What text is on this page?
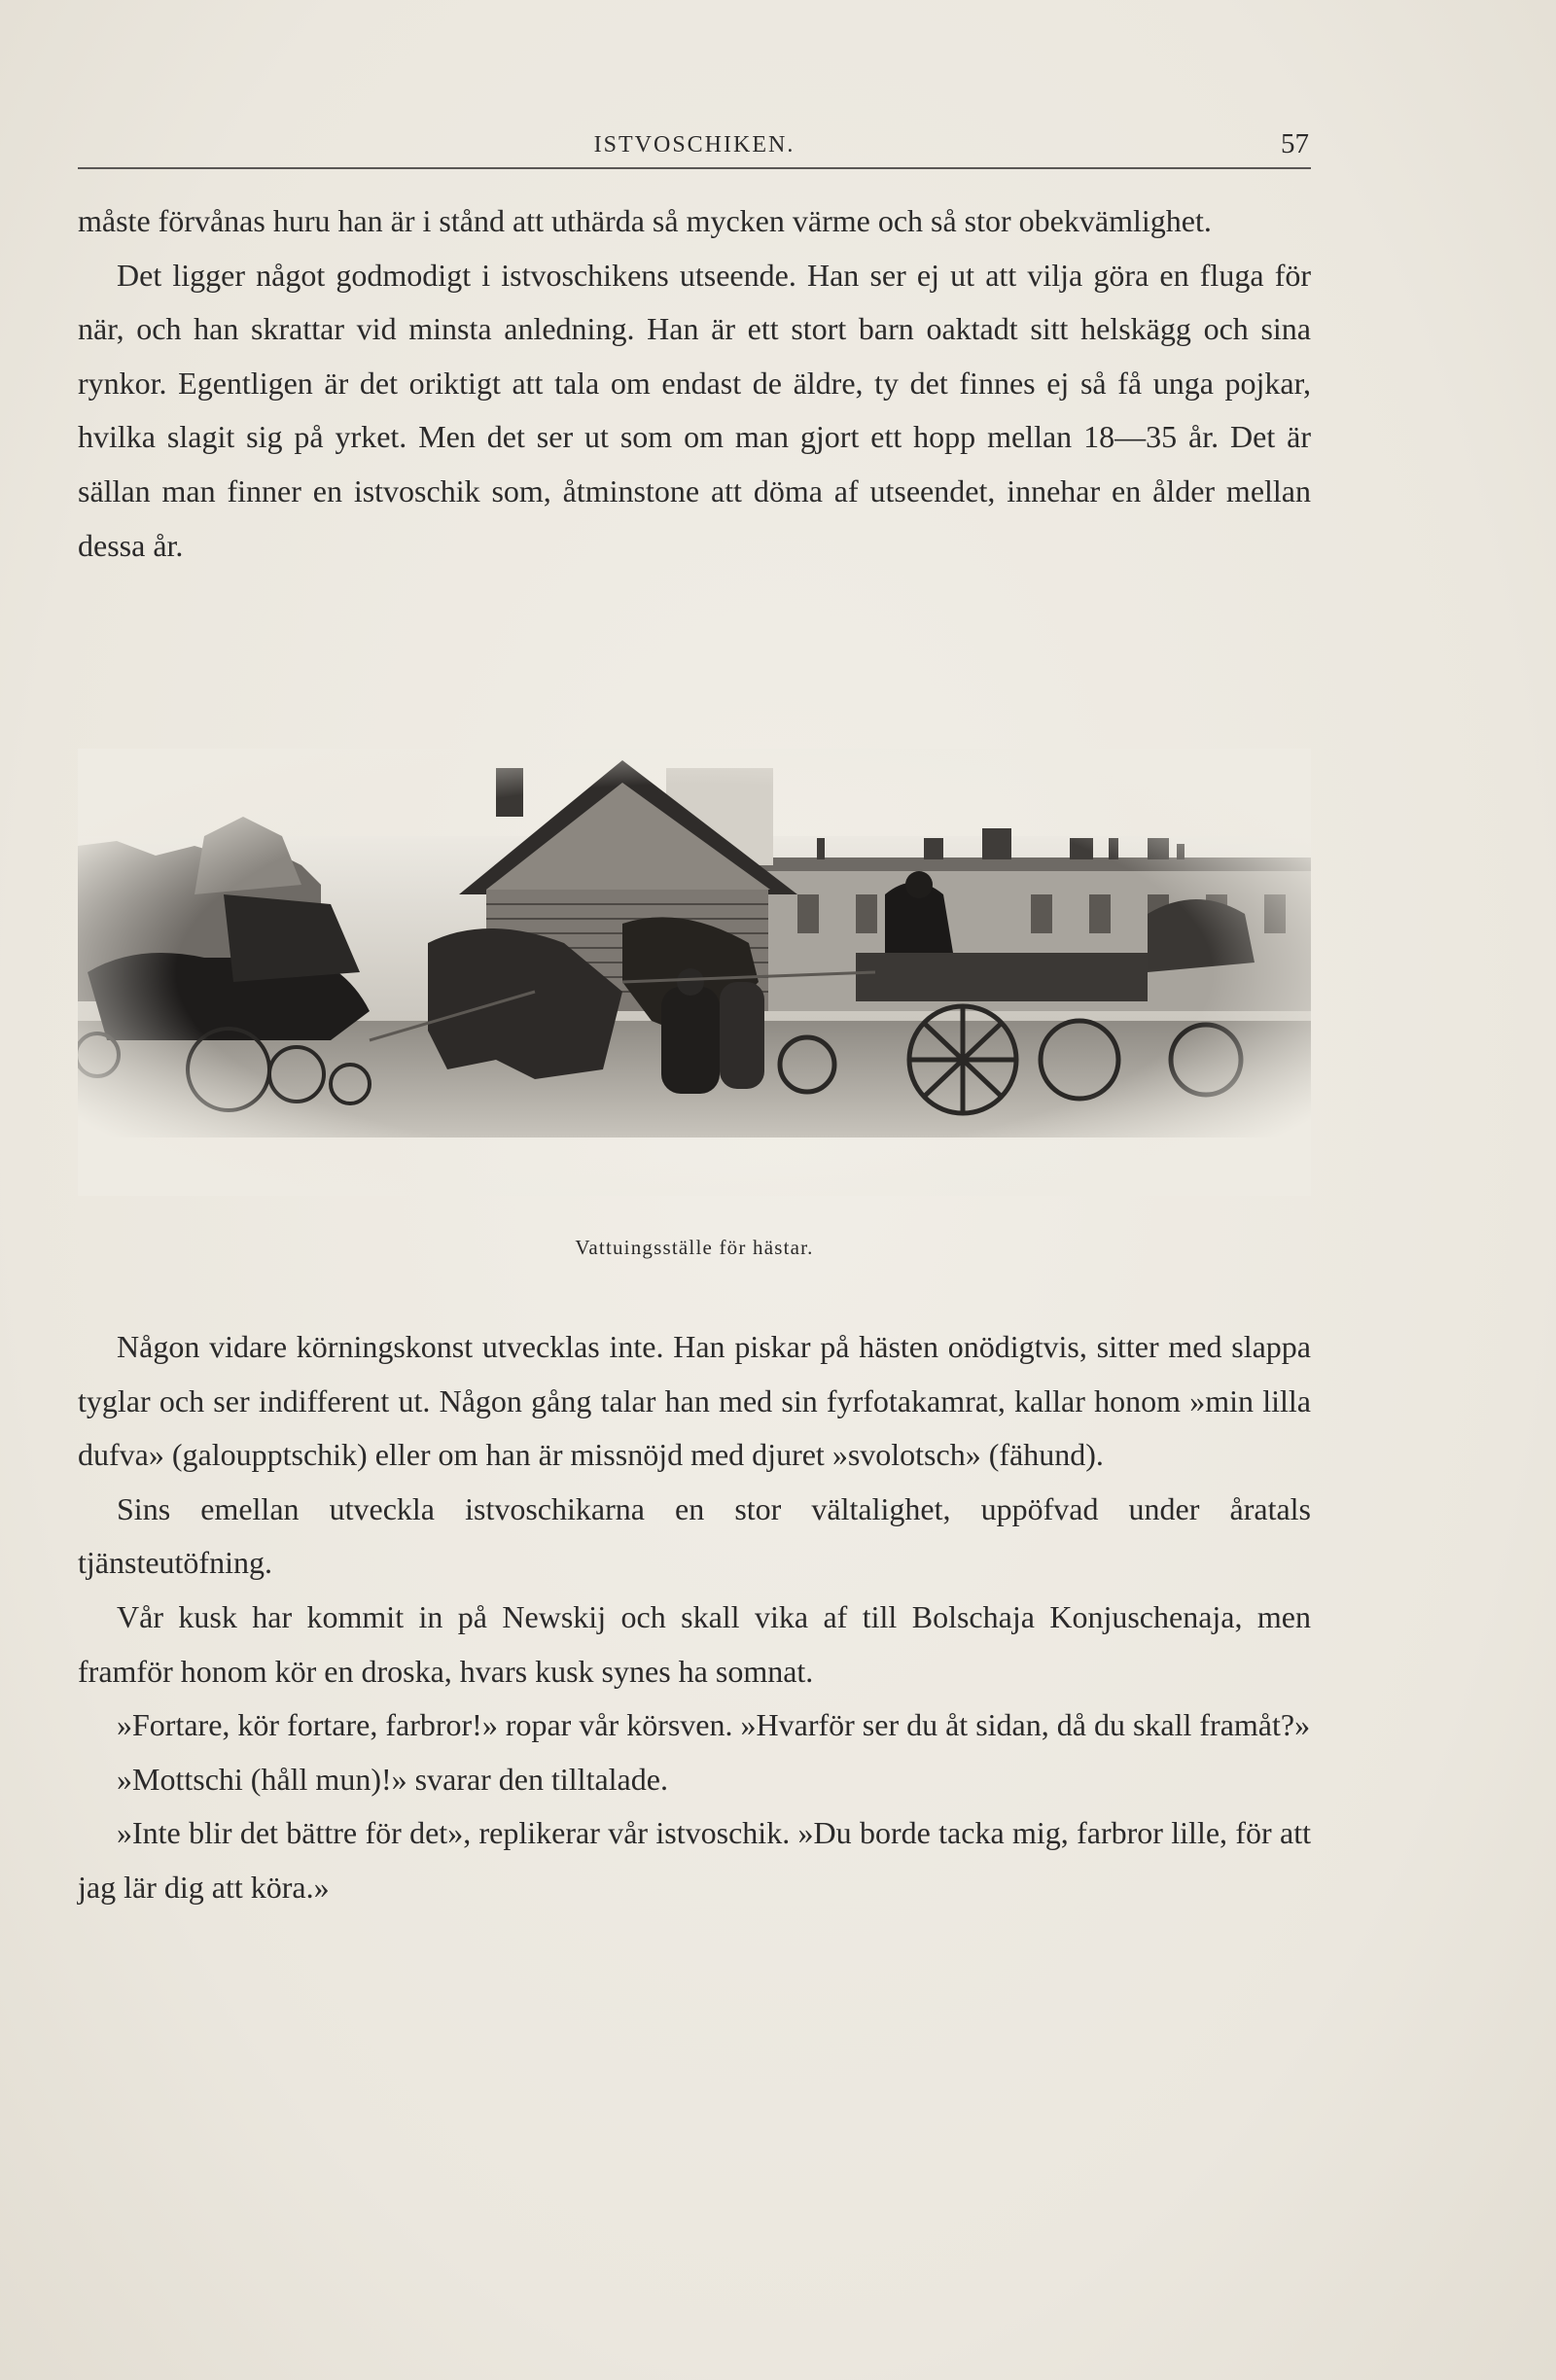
ISTVOSCHIKEN.	57

måste förvånas huru han är i stånd att uthärda så mycken värme och så stor obekvämlighet.

Det ligger något godmodigt i istvoschikens utseende. Han ser ej ut att vilja göra en fluga för när, och han skrattar vid minsta anledning. Han är ett stort barn oaktadt sitt helskägg och sina rynkor. Egentligen är det oriktigt att tala om endast de äldre, ty det finnes ej så få unga pojkar, hvilka slagit sig på yrket. Men det ser ut som om man gjort ett hopp mellan 18—35 år. Det är sällan man finner en istvoschik som, åtminstone att döma af utseendet, innehar en ålder mellan dessa år.

Vattuingsställe för hästar.

Någon vidare körningskonst utvecklas inte. Han piskar på hästen onödigtvis, sitter med slappa tyglar och ser indifferent ut. Någon gång talar han med sin fyrfotakamrat, kallar honom »min lilla dufva» (galoupptschik) eller om han är missnöjd med djuret »svolotsch» (fähund).

Sins emellan utveckla istvoschikarna en stor vältalighet, uppöfvad under åratals tjänsteutöfning.

Vår kusk har kommit in på Newskij och skall vika af till Bolschaja Konjuschenaja, men framför honom kör en droska, hvars kusk synes ha somnat.

»Fortare, kör fortare, farbror!» ropar vår körsven. »Hvarför ser du åt sidan, då du skall framåt?»

»Mottschi (håll mun)!» svarar den tilltalade.

»Inte blir det bättre för det», replikerar vår istvoschik. »Du borde tacka mig, farbror lille, för att jag lär dig att köra.»
